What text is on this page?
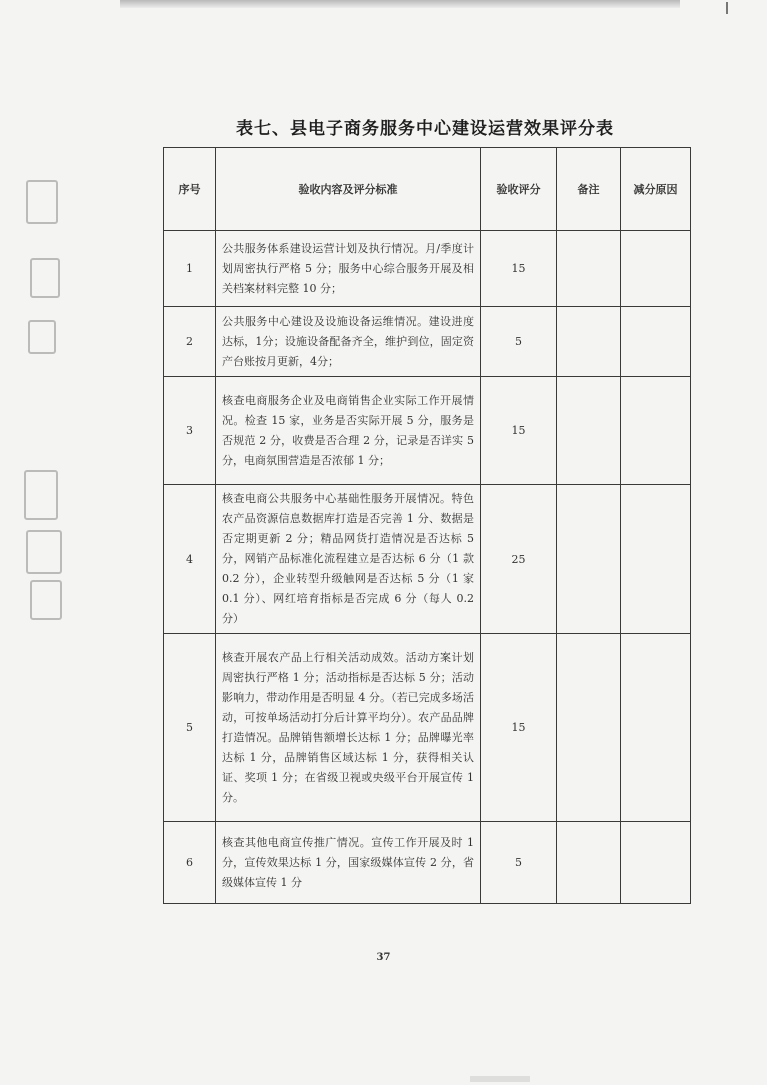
表七、县电子商务服务中心建设运营效果评分表
序号	验收内容及评分标准	验收评分	备注	减分原因
1	公共服务体系建设运营计划及执行情况。月/季度计划周密执行严格 5 分；服务中心综合服务开展及相关档案材料完整 10 分；	15		
2	公共服务中心建设及设施设备运维情况。建设进度达标，1分；设施设备配备齐全，维护到位，固定资产台账按月更新，4分；	5		
3	核查电商服务企业及电商销售企业实际工作开展情况。检查 15 家，业务是否实际开展 5 分，服务是否规范 2 分，收费是否合理 2 分，记录是否详实 5 分，电商氛围营造是否浓郁 1 分；	15		
4	核查电商公共服务中心基础性服务开展情况。特色农产品资源信息数据库打造是否完善 1 分、数据是否定期更新 2 分；精品网货打造情况是否达标 5 分，网销产品标准化流程建立是否达标 6 分（1 款 0.2 分），企业转型升级触网是否达标 5 分（1 家 0.1 分）、网红培育指标是否完成 6 分（每人 0.2 分）	25		
5	核查开展农产品上行相关活动成效。活动方案计划周密执行严格 1 分；活动指标是否达标 5 分；活动影响力，带动作用是否明显 4 分。（若已完成多场活动，可按单场活动打分后计算平均分）。农产品品牌打造情况。品牌销售额增长达标 1 分；品牌曝光率达标 1 分，品牌销售区域达标 1 分，获得相关认证、奖项 1 分；在省级卫视或央级平台开展宣传 1 分。	15		
6	核查其他电商宣传推广情况。宣传工作开展及时 1 分，宣传效果达标 1 分，国家级媒体宣传 2 分，省级媒体宣传 1 分	5		
37
